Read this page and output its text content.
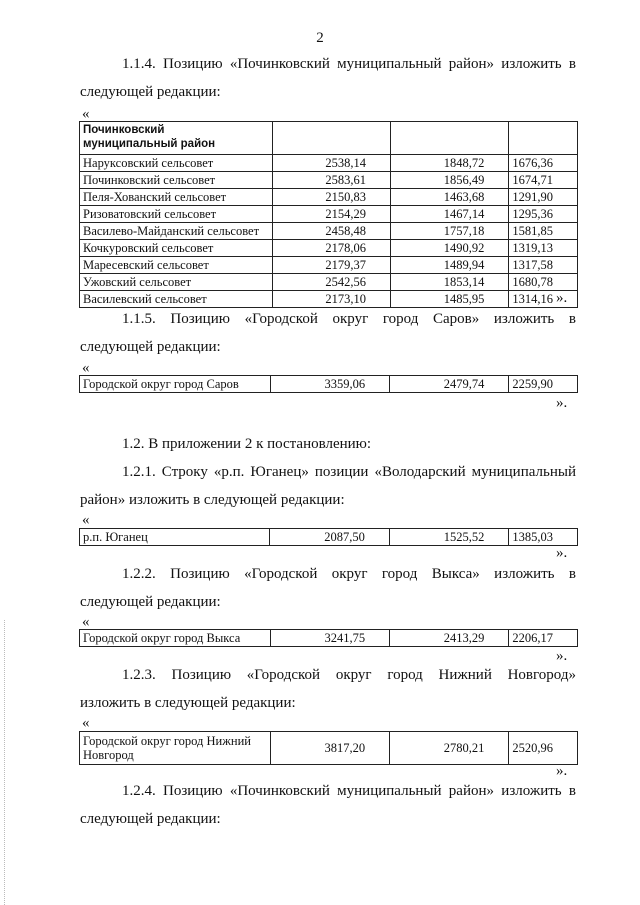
2
1.1.4. Позицию «Починковский муниципальный район» изложить в
следующей редакции:
«
Починковский
муниципальный район			

Наруксовский сельсовет	2538,14	1848,72	1676,36
Починковский сельсовет	2583,61	1856,49	1674,71
Пеля-Хованский сельсовет	2150,83	1463,68	1291,90
Ризоватовский сельсовет	2154,29	1467,14	1295,36
Василево-Майданский сельсовет	2458,48	1757,18	1581,85
Кочкуровский сельсовет	2178,06	1490,92	1319,13
Маресевский сельсовет	2179,37	1489,94	1317,58
Ужовский сельсовет	2542,56	1853,14	1680,78
Василевский сельсовет	2173,10	1485,95	1314,16 ».
1.1.5. Позицию «Городской округ город Саров» изложить в
следующей редакции:
«
Городской округ город Саров	3359,06	2479,74	2259,90
».
1.2. В приложении 2 к постановлению:
1.2.1. Строку «р.п. Юганец» позиции «Володарский муниципальный
район» изложить в следующей редакции:
«
р.п. Юганец	2087,50	1525,52	1385,03
».
1.2.2. Позицию «Городской округ город Выкса» изложить в
следующей редакции:
«
Городской округ город Выкса	3241,75	2413,29	2206,17
».
1.2.3. Позицию «Городской округ город Нижний Новгород»
изложить в следующей редакции:
«
Городской округ город Нижний
Новгород	3817,20	2780,21	2520,96
».
1.2.4. Позицию «Починковский муниципальный район» изложить в
следующей редакции:
